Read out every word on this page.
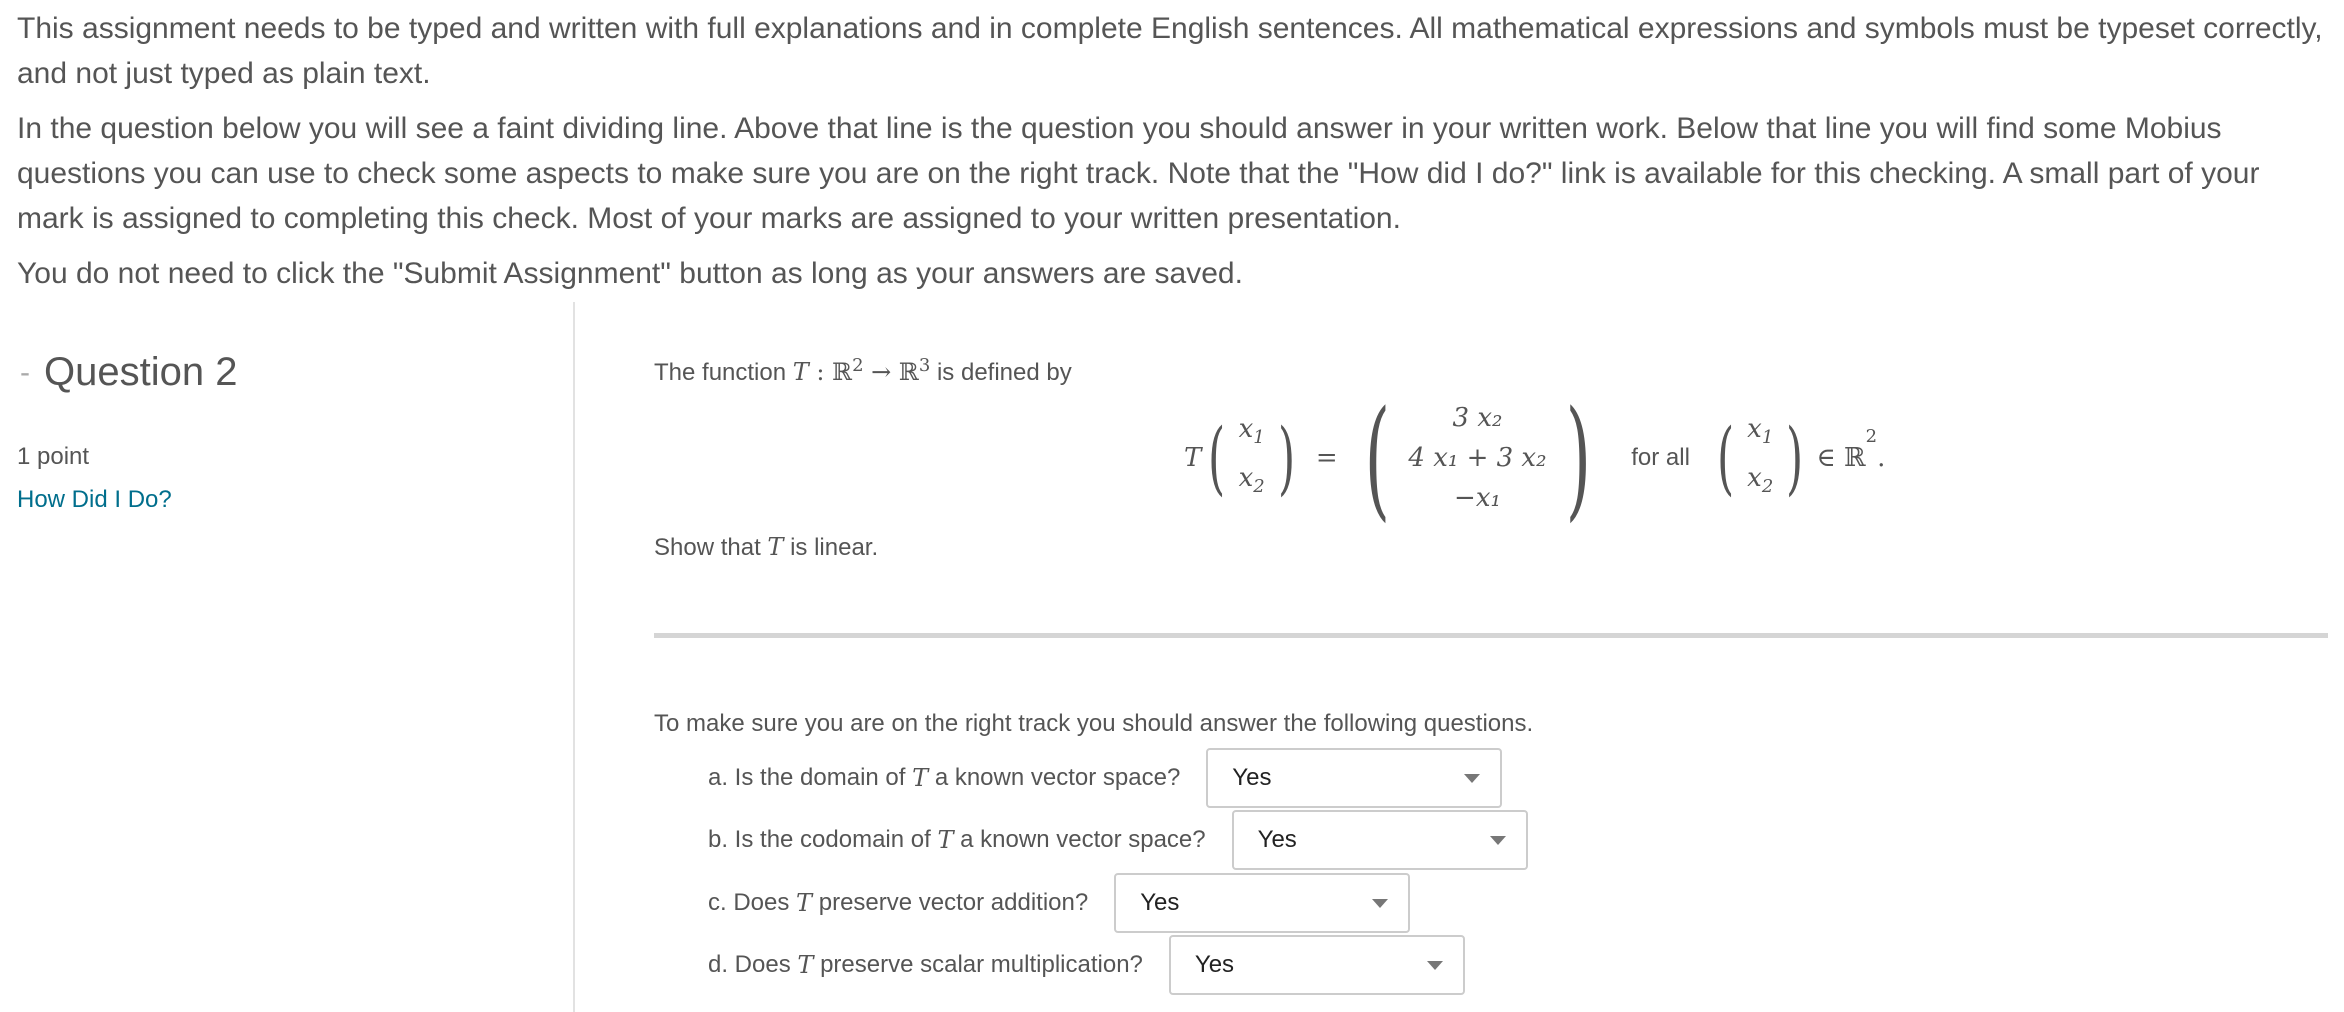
This assignment needs to be typed and written with full explanations and in complete English sentences. All mathematical expressions and symbols must be typeset correctly, and not just typed as plain text.

In the question below you will see a faint dividing line. Above that line is the question you should answer in your written work. Below that line you will find some Mobius questions you can use to check some aspects to make sure you are on the right track. Note that the "How did I do?" link is available for this checking. A small part of your mark is assigned to completing this check. Most of your marks are assigned to your written presentation.

You do not need to click the "Submit Assignment" button as long as your answers are saved.

- Question 2
1 point
How Did I Do?
The function T : ℝ$^2$ → ℝ$^3$ is defined by
T ( $x_1$
$x_2$ ) = ( 3 x₂
4 x₁ + 3 x₂
−x₁ ) for all ( $x_1$
$x_2$ ) ∈ ℝ
$^2$
.
Show that T is linear.
To make sure you are on the right track you should answer the following questions.
a. Is the domain of
T
a known vector space? Yes
b. Is the codomain of
T
a known vector space? Yes
c. Does
T
preserve vector addition? Yes
d. Does
T
preserve scalar multiplication? Yes
